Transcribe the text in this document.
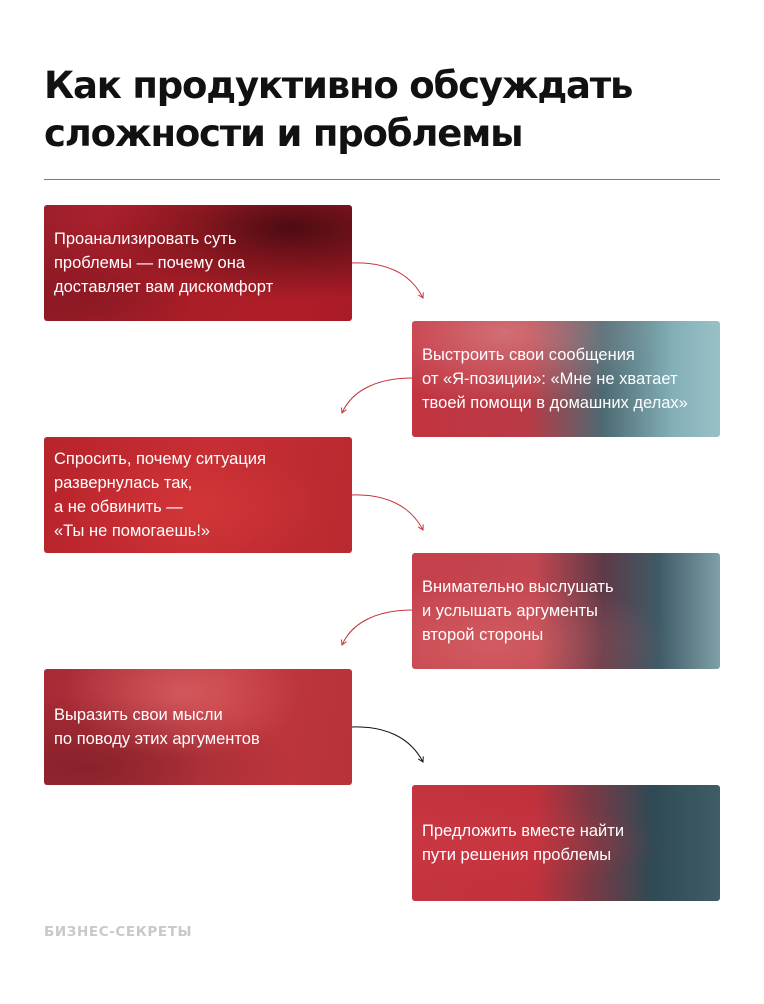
Как продуктивно обсуждать
сложности и проблемы
Проанализировать суть
проблемы — почему она
доставляет вам дискомфорт
Выстроить свои сообщения
от «Я-позиции»: «Мне не хватает
твоей помощи в домашних делах»
Спросить, почему ситуация
развернулась так,
а не обвинить —
«Ты не помогаешь!»
Внимательно выслушать
и услышать аргументы
второй стороны
Выразить свои мысли
по поводу этих аргументов
Предложить вместе найти
пути решения проблемы
БИЗНЕС-СЕКРЕТЫ
